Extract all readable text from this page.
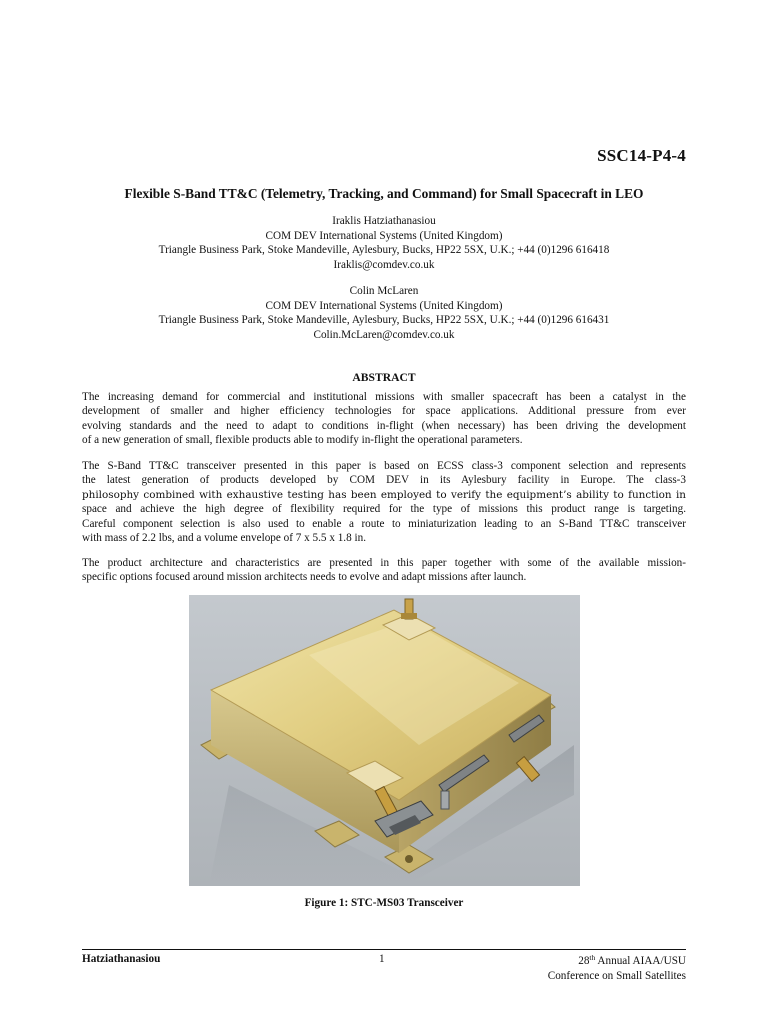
SSC14-P4-4
Flexible S-Band TT&C (Telemetry, Tracking, and Command) for Small Spacecraft in LEO
Iraklis Hatziathanasiou
COM DEV International Systems (United Kingdom)
Triangle Business Park, Stoke Mandeville, Aylesbury, Bucks, HP22 5SX, U.K.; +44 (0)1296 616418
Iraklis@comdev.co.uk
Colin McLaren
COM DEV International Systems (United Kingdom)
Triangle Business Park, Stoke Mandeville, Aylesbury, Bucks, HP22 5SX, U.K.; +44 (0)1296 616431
Colin.McLaren@comdev.co.uk
ABSTRACT
The increasing demand for commercial and institutional missions with smaller spacecraft has been a catalyst in the
development of smaller and higher efficiency technologies for space applications. Additional pressure from ever
evolving standards and the need to adapt to conditions in-flight (when necessary) has been driving the development
of a new generation of small, flexible products able to modify in-flight the operational parameters.
The S-Band TT&C transceiver presented in this paper is based on ECSS class-3 component selection and represents
the latest generation of products developed by COM DEV in its Aylesbury facility in Europe. The class-3
philosophy combined with exhaustive testing has been employed to verify the equipment’s ability to function in
space and achieve the high degree of flexibility required for the type of missions this product range is targeting.
Careful component selection is also used to enable a route to miniaturization leading to an S-Band TT&C transceiver
with mass of 2.2 lbs, and a volume envelope of 7 x 5.5 x 1.8 in.
The product architecture and characteristics are presented in this paper together with some of the available mission-
specific options focused around mission architects needs to evolve and adapt missions after launch.
Figure 1: STC-MS03 Transceiver
Hatziathanasiou	1	28th Annual AIAA/USU
Conference on Small Satellites
